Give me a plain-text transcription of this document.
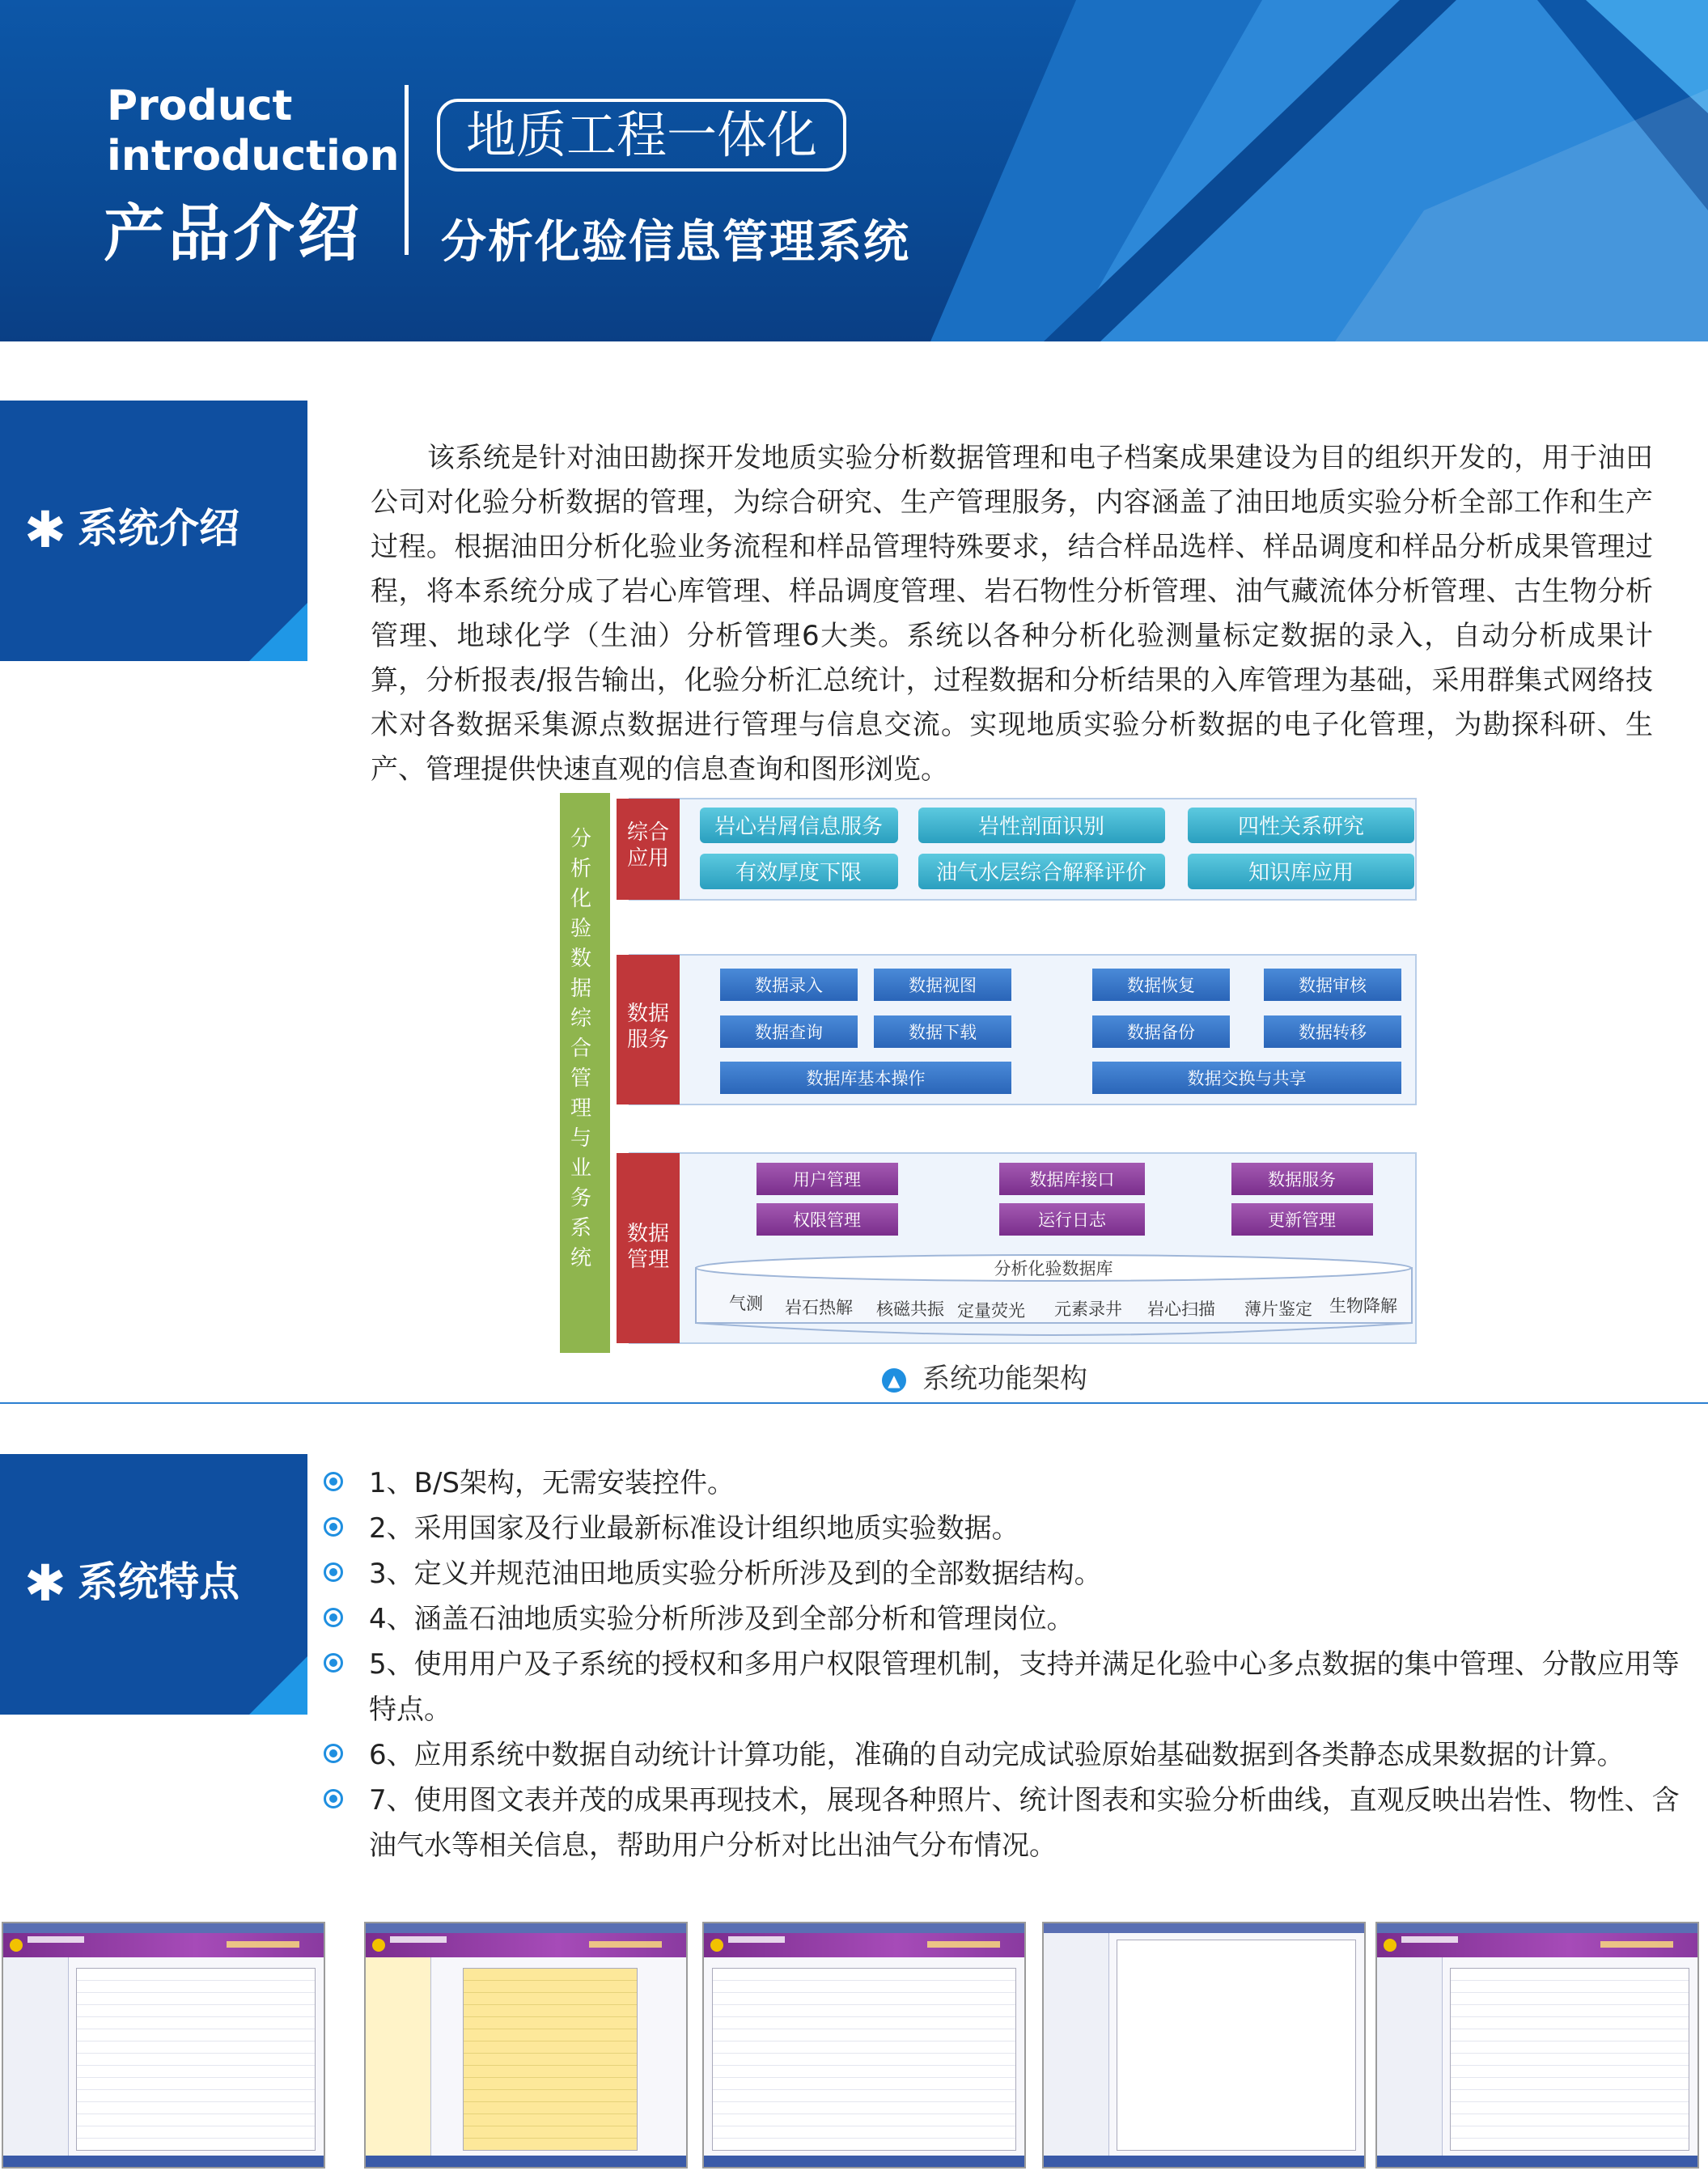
Product
introduction
产品介绍
地质工程一体化
分析化验信息管理系统
✱ 系统介绍

该系统是针对油田勘探开发地质实验分析数据管理和电子档案成果建设为目的组织开发的，用于油田公司对化验分析数据的管理，为综合研究、生产管理服务，内容涵盖了油田地质实验分析全部工作和生产过程。根据油田分析化验业务流程和样品管理特殊要求，结合样品选样、样品调度和样品分析成果管理过程，将本系统分成了岩心库管理、样品调度管理、岩石物性分析管理、油气藏流体分析管理、古生物分析管理、地球化学（生油）分析管理6大类。系统以各种分析化验测量标定数据的录入，自动分析成果计算，分析报表/报告输出，化验分析汇总统计，过程数据和分析结果的入库管理为基础，采用群集式网络技术对各数据采集源点数据进行管理与信息交流。实现地质实验分析数据的电子化管理，为勘探科研、生产、管理提供快速直观的信息查询和图形浏览。

分析化验数据综合管理与业务系统
综合
应用
数据
服务
数据
管理
岩心岩屑信息服务	岩性剖面识别	四性关系研究
有效厚度下限	油气水层综合解释评价	知识库应用
数据录入	数据视图	数据恢复	数据审核
数据查询	数据下载	数据备份	数据转移
数据库基本操作	数据交换与共享
用户管理	数据库接口	数据服务
权限管理	运行日志	更新管理
分析化验数据库
气测 岩石热解 核磁共振 定量荧光 元素录井 岩心扫描 薄片鉴定 生物降解
▲ 系统功能架构
✱ 系统特点
1、B/S架构，无需安装控件。
2、采用国家及行业最新标准设计组织地质实验数据。
3、定义并规范油田地质实验分析所涉及到的全部数据结构。
4、涵盖石油地质实验分析所涉及到全部分析和管理岗位。
5、使用用户及子系统的授权和多用户权限管理机制，支持并满足化验中心多点数据的集中管理、分散应用等特点。
6、应用系统中数据自动统计计算功能，准确的自动完成试验原始基础数据到各类静态成果数据的计算。
7、使用图文表并茂的成果再现技术，展现各种照片、统计图表和实验分析曲线，直观反映出岩性、物性、含油气水等相关信息，帮助用户分析对比出油气分布情况。
